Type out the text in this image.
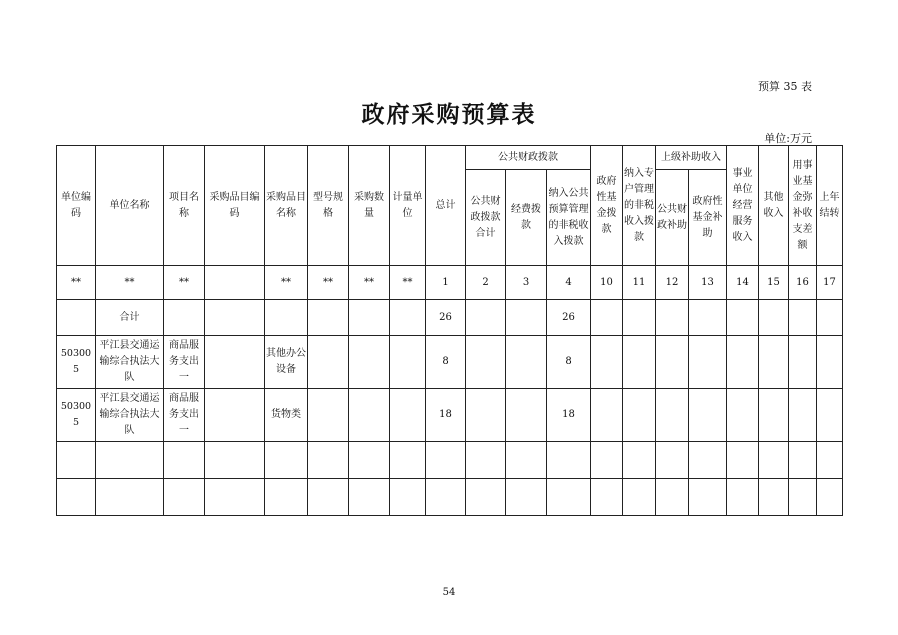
预算 35 表
政府采购预算表
单位:万元
单位编码	单位名称	项目名称	采购品目编码	采购品目名称	型号规格	采购数量	计量单位	总计	公共财政拨款			政府性基金拨款	纳入专户管理的非税收入拨款	上级补助收入		事业单位经营服务收入	其他收入	用事业基金弥补收支差额	上年结转
									公共财政拨款合计	经费拨款	纳入公共预算管理的非税收入拨款			公共财政补助	政府性基金补助				
**	**	**		**	**	**	**	1	2	3	4	10	11	12	13	14	15	16	17
	合计							26			26								
503005	平江县交通运输综合执法大队	商品服务支出一		其他办公设备				8			8								
503005	平江县交通运输综合执法大队	商品服务支出一		货物类				18			18								

54
